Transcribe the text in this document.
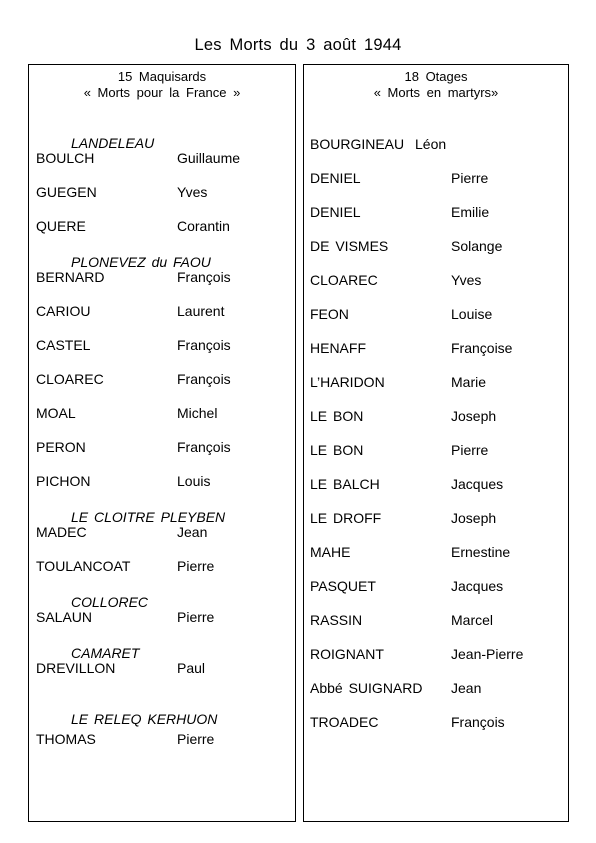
Les Morts du 3 août 1944
15 Maquisards
« Morts pour la France »
LANDELEAU
BOULCH	Guillaume
GUEGEN	Yves
QUERE	Corantin
PLONEVEZ du FAOU
BERNARD	François
CARIOU	Laurent
CASTEL	François
CLOAREC	François
MOAL	Michel
PERON	François
PICHON	Louis
LE CLOITRE PLEYBEN
MADEC	Jean
TOULANCOAT	Pierre
COLLOREC
SALAUN	Pierre
CAMARET
DREVILLON	Paul
LE RELEQ KERHUON
THOMAS	Pierre
18 Otages
« Morts en martyrs»
BOURGINEAU Léon
DENIEL	Pierre
DENIEL	Emilie
DE VISMES	Solange
CLOAREC	Yves
FEON	Louise
HENAFF	Françoise
L’HARIDON	Marie
LE BON	Joseph
LE BON	Pierre
LE BALCH	Jacques
LE DROFF	Joseph
MAHE	Ernestine
PASQUET	Jacques
RASSIN	Marcel
ROIGNANT	Jean-Pierre
Abbé SUIGNARD Jean
TROADEC	François
